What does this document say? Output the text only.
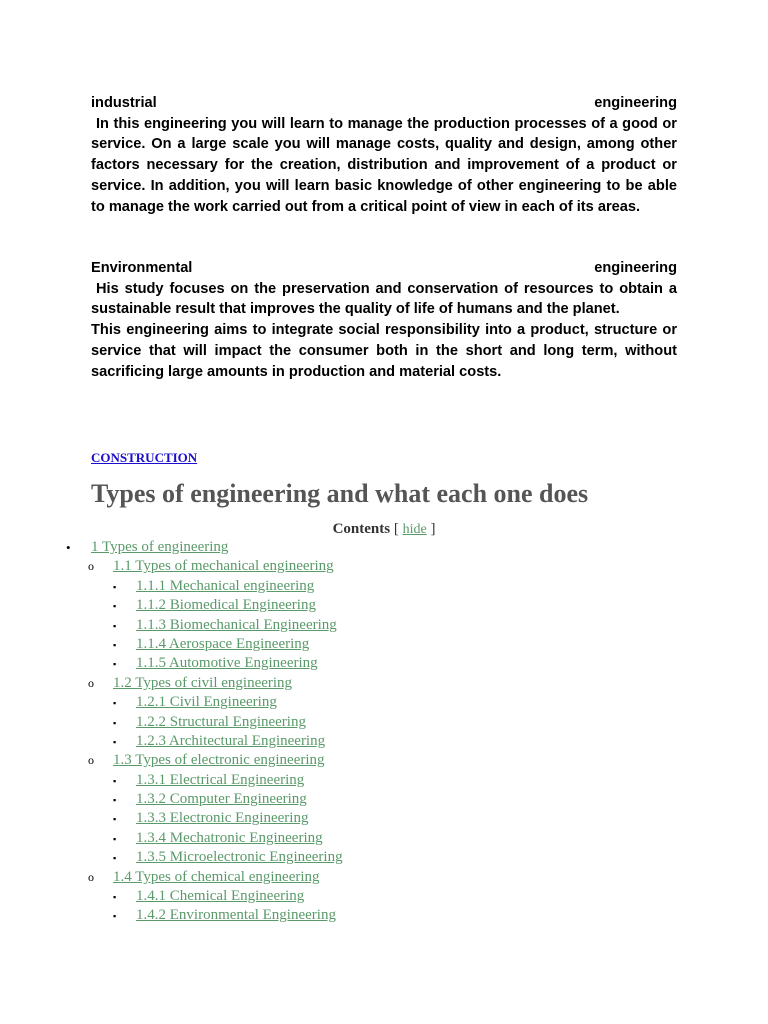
industrial	engineering
In this engineering you will learn to manage the production processes of a good or service. On a large scale you will manage costs, quality and design, among other factors necessary for the creation, distribution and improvement of a product or service. In addition, you will learn basic knowledge of other engineering to be able to manage the work carried out from a critical point of view in each of its areas.
Environmental	engineering
His study focuses on the preservation and conservation of resources to obtain a sustainable result that improves the quality of life of humans and the planet.
This engineering aims to integrate social responsibility into a product, structure or service that will impact the consumer both in the short and long term, without sacrificing large amounts in production and material costs.
CONSTRUCTION
Types of engineering and what each one does
Contents [ hide ]
• 1 Types of engineering
o 1.1 Types of mechanical engineering
▪ 1.1.1 Mechanical engineering
▪ 1.1.2 Biomedical Engineering
▪ 1.1.3 Biomechanical Engineering
▪ 1.1.4 Aerospace Engineering
▪ 1.1.5 Automotive Engineering
o 1.2 Types of civil engineering
▪ 1.2.1 Civil Engineering
▪ 1.2.2 Structural Engineering
▪ 1.2.3 Architectural Engineering
o 1.3 Types of electronic engineering
▪ 1.3.1 Electrical Engineering
▪ 1.3.2 Computer Engineering
▪ 1.3.3 Electronic Engineering
▪ 1.3.4 Mechatronic Engineering
▪ 1.3.5 Microelectronic Engineering
o 1.4 Types of chemical engineering
▪ 1.4.1 Chemical Engineering
▪ 1.4.2 Environmental Engineering
